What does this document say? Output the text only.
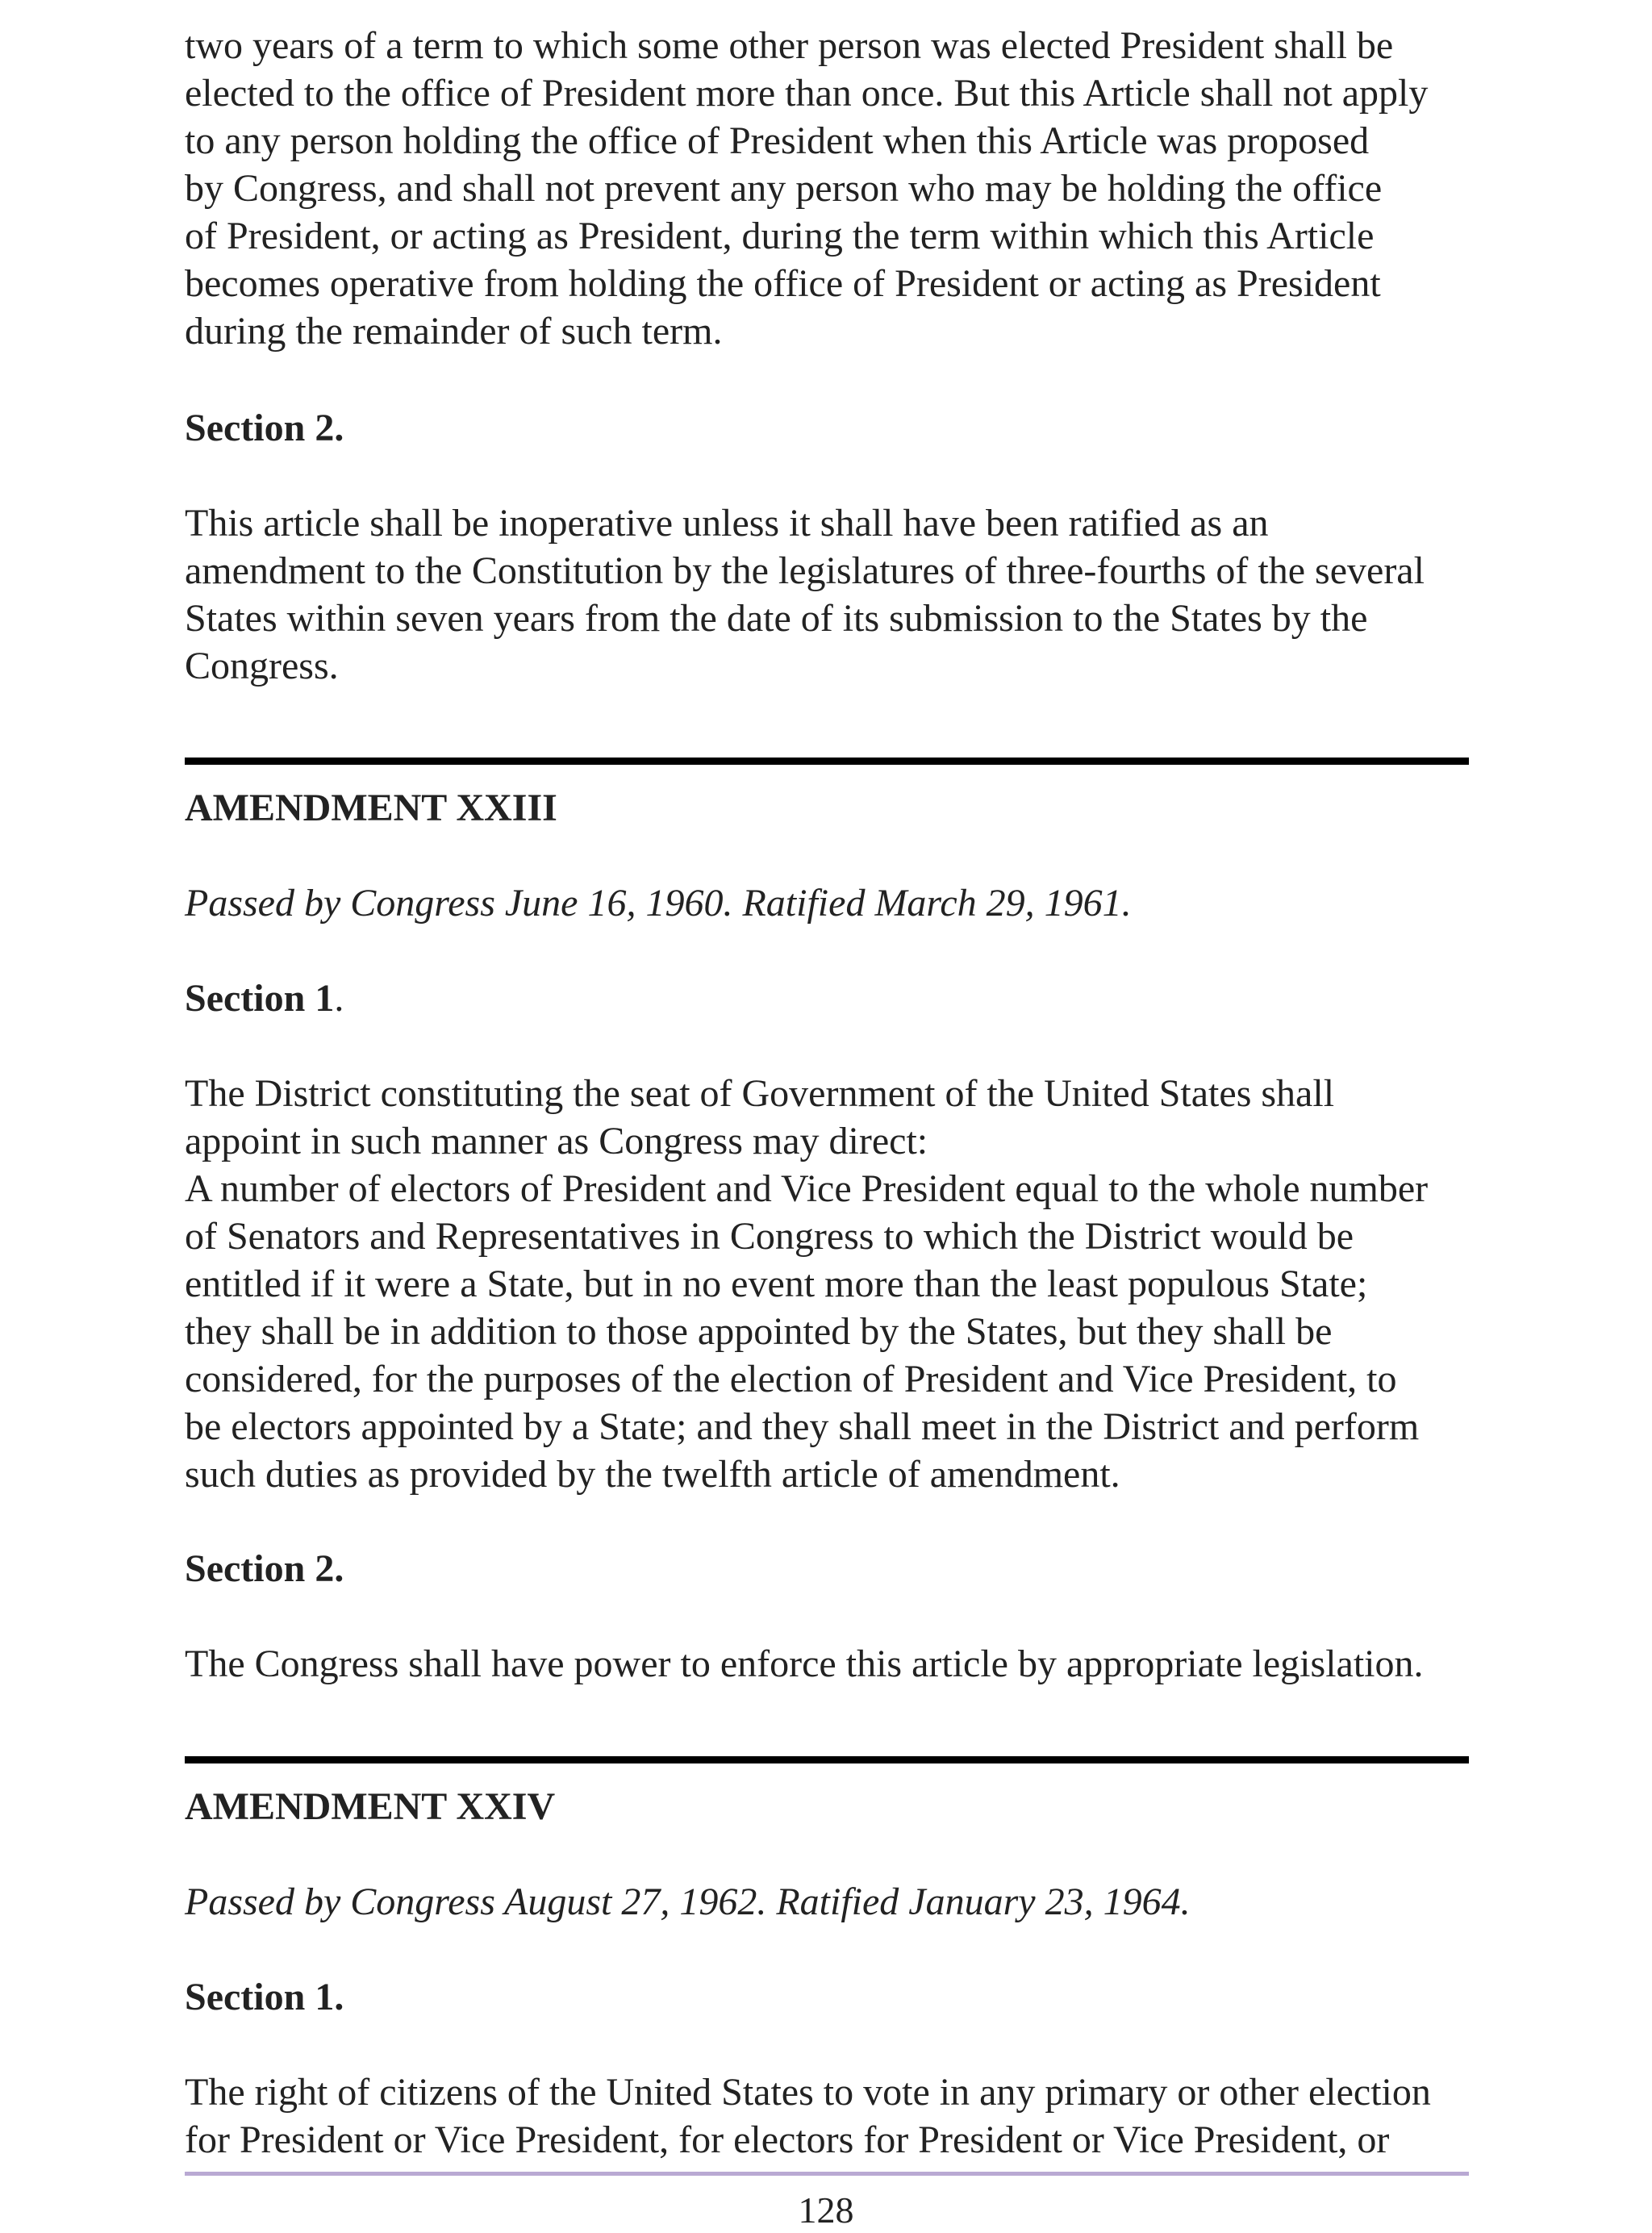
two years of a term to which some other person was elected President shall be
elected to the office of President more than once. But this Article shall not apply
to any person holding the office of President when this Article was proposed
by Congress, and shall not prevent any person who may be holding the office
of President, or acting as President, during the term within which this Article
becomes operative from holding the office of President or acting as President
during the remainder of such term.

Section 2.

This article shall be inoperative unless it shall have been ratified as an
amendment to the Constitution by the legislatures of three-fourths of the several
States within seven years from the date of its submission to the States by the
Congress.

AMENDMENT XXIII

Passed by Congress June 16, 1960. Ratified March 29, 1961.

Section 1.

The District constituting the seat of Government of the United States shall
appoint in such manner as Congress may direct:
A number of electors of President and Vice President equal to the whole number
of Senators and Representatives in Congress to which the District would be
entitled if it were a State, but in no event more than the least populous State;
they shall be in addition to those appointed by the States, but they shall be
considered, for the purposes of the election of President and Vice President, to
be electors appointed by a State; and they shall meet in the District and perform
such duties as provided by the twelfth article of amendment.

Section 2.

The Congress shall have power to enforce this article by appropriate legislation.

AMENDMENT XXIV

Passed by Congress August 27, 1962. Ratified January 23, 1964.

Section 1.

The right of citizens of the United States to vote in any primary or other election
for President or Vice President, for electors for President or Vice President, or

128
